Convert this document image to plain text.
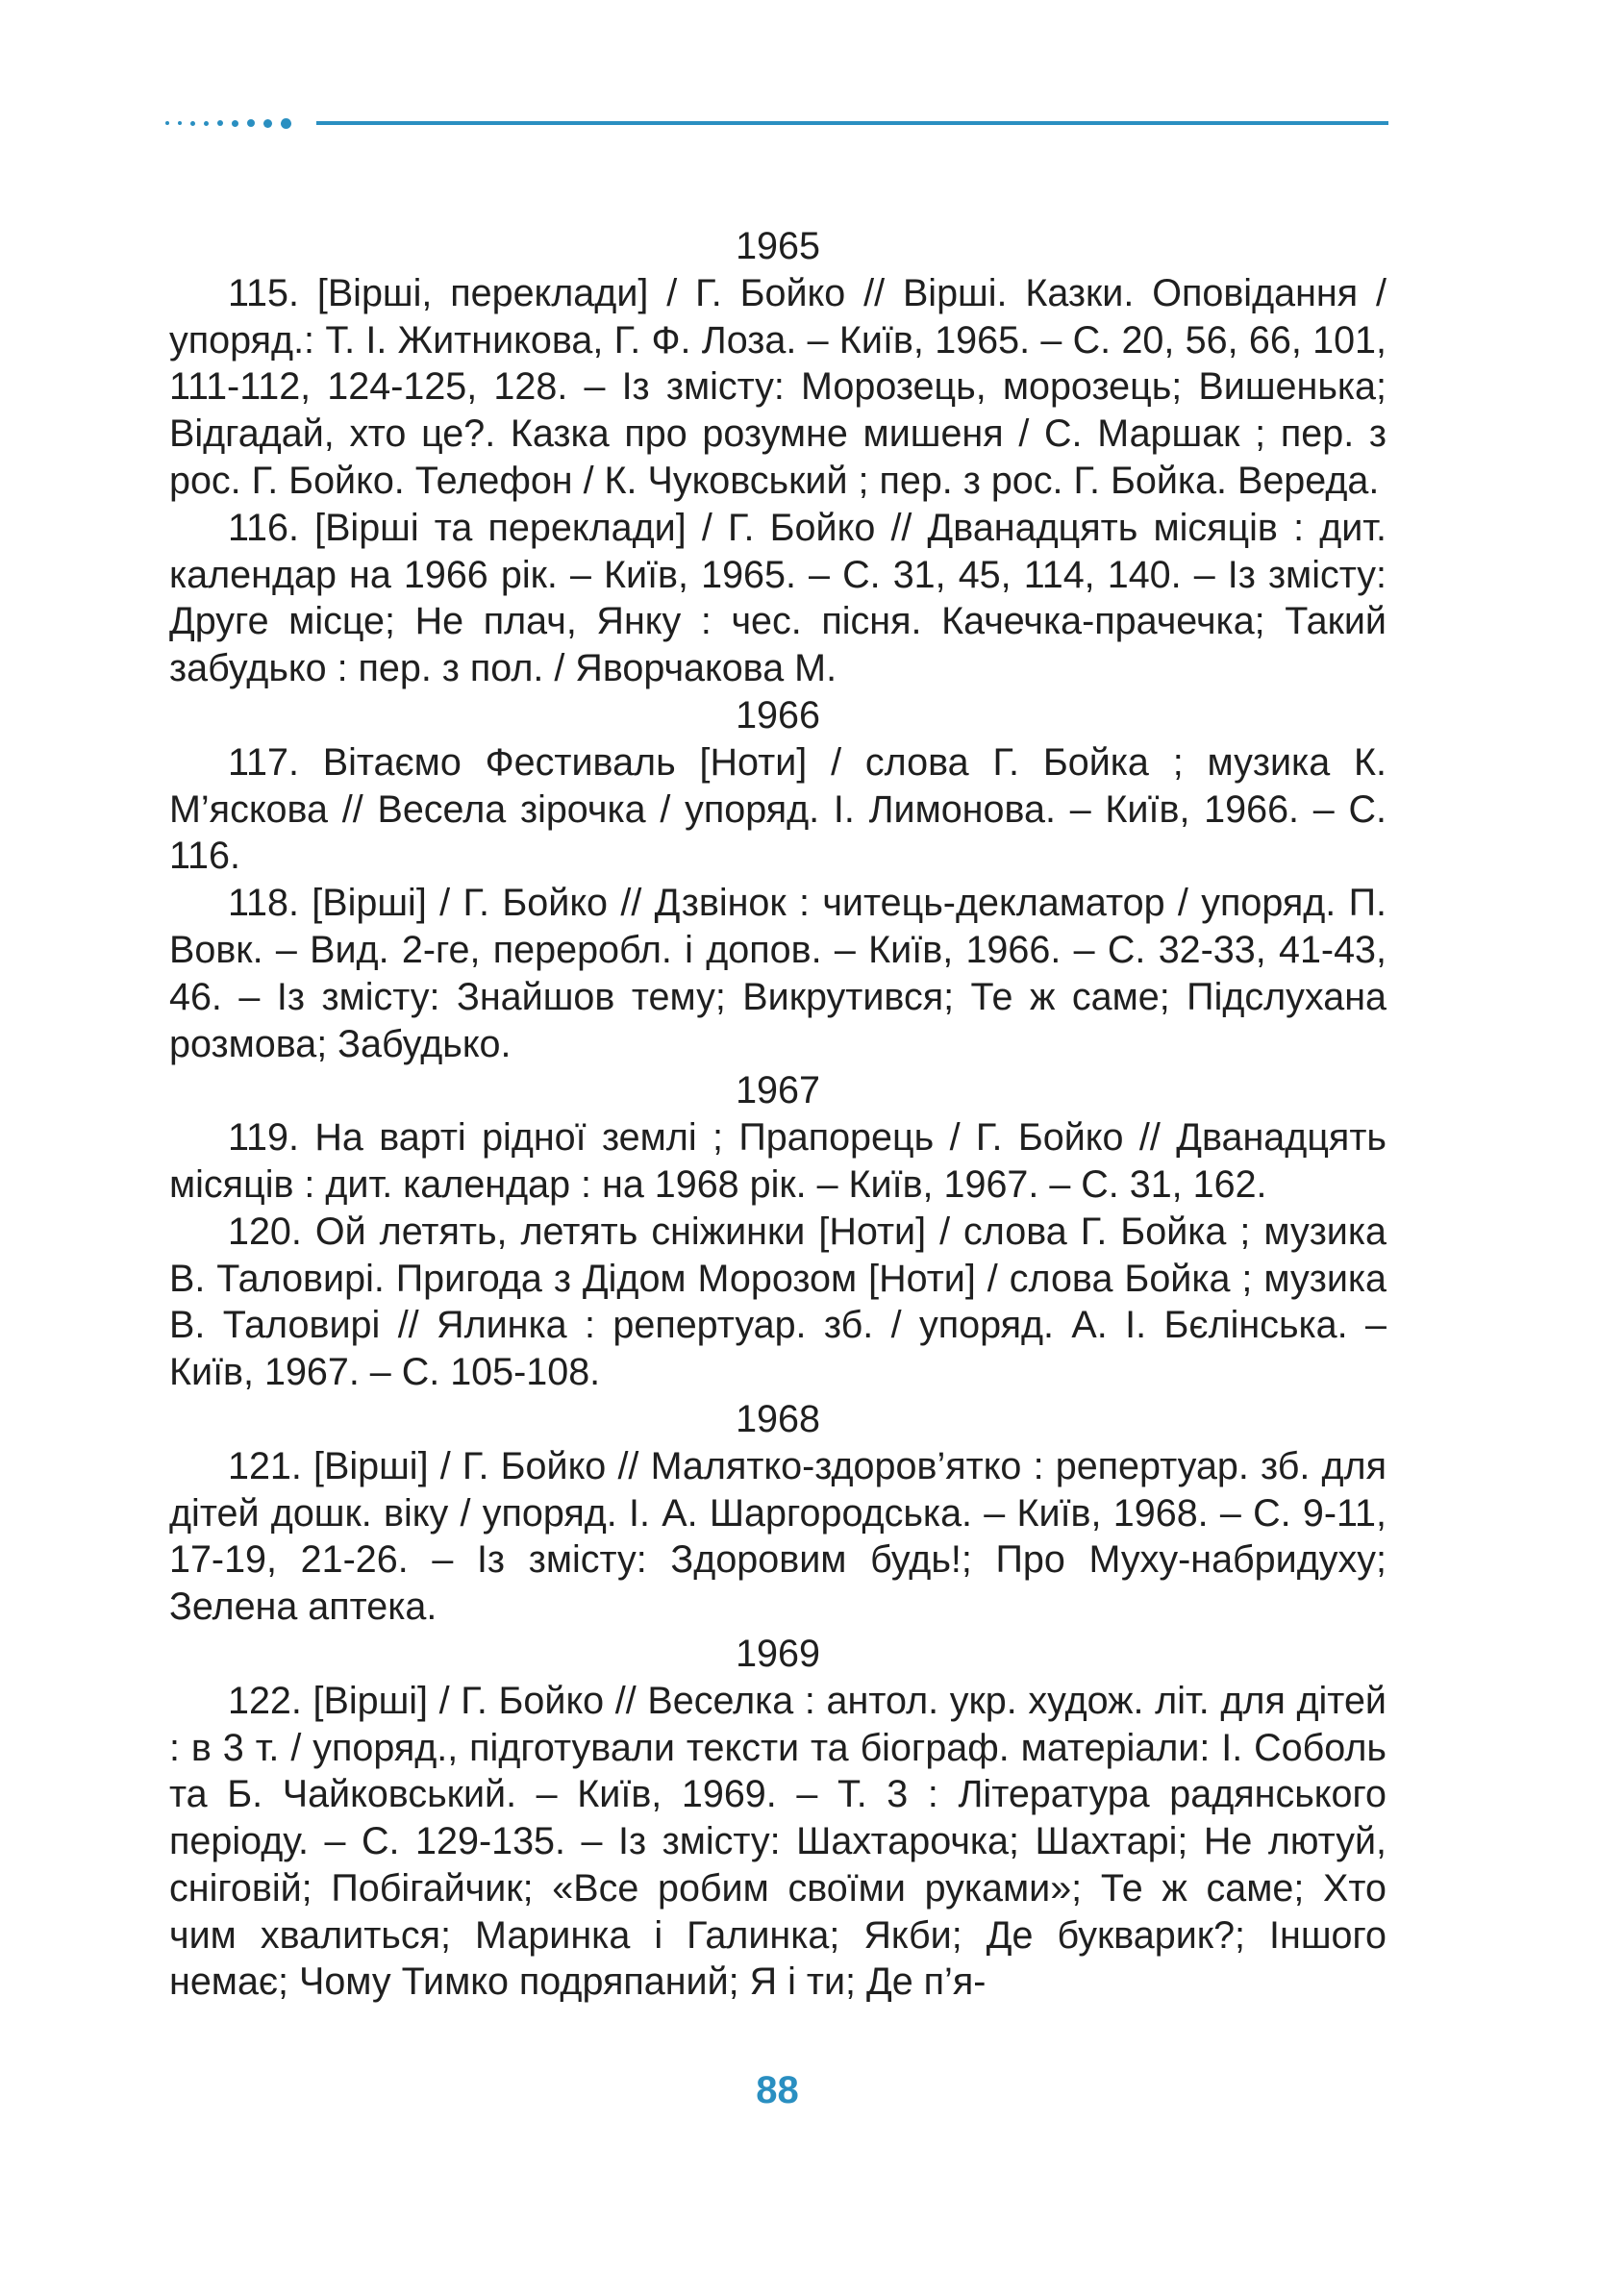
1965

115. [Вірші, переклади] / Г. Бойко // Вірші. Казки. Оповідання / упоряд.: Т. І. Житникова, Г. Ф. Лоза. – Київ, 1965. – С. 20, 56, 66, 101, 111-112, 124-125, 128. – Із змісту: Морозець, морозець; Вишенька; Відгадай, хто це?. Казка про розумне мишеня / С. Маршак ; пер. з рос. Г. Бойко. Телефон / К. Чуковський ; пер. з рос. Г. Бойка. Вереда.

116. [Вірші та переклади] / Г. Бойко // Дванадцять місяців : дит. календар на 1966 рік. – Київ, 1965. – С. 31, 45, 114, 140. – Із змісту: Друге місце; Не плач, Янку : чес. пісня. Качечка-прачечка; Такий забудько : пер. з пол. / Яворчакова М.

1966

117. Вітаємо Фестиваль [Ноти] / слова Г. Бойка ; музика К. М’яскова // Весела зірочка / упоряд. І. Лимонова. – Київ, 1966. – С. 116.

118. [Вірші] / Г. Бойко // Дзвінок : читець-декламатор / упоряд. П. Вовк. – Вид. 2-ге, переробл. і допов. – Київ, 1966. – С. 32-33, 41-43, 46. – Із змісту: Знайшов тему; Викрутився; Те ж саме; Підслухана розмова; Забудько.

1967

119. На варті рідної землі ; Прапорець / Г. Бойко // Дванадцять місяців : дит. календар : на 1968 рік. – Київ, 1967. – С. 31, 162.

120. Ой летять, летять сніжинки [Ноти] / слова Г. Бойка ; музика В. Таловирі. Пригода з Дідом Морозом [Ноти] / слова Бойка ; музика В. Таловирі // Ялинка : репертуар. зб. / упоряд. А. І. Бєлінська. – Київ, 1967. – С. 105-108.

1968

121. [Вірші] / Г. Бойко // Малятко-здоров’ятко : репертуар. зб. для дітей дошк. віку / упоряд. І. А. Шаргородська. – Київ, 1968. – С. 9-11, 17-19, 21-26. – Із змісту: Здоровим будь!; Про Муху-набридуху; Зелена аптека.

1969

122. [Вірші] / Г. Бойко // Веселка : антол. укр. худож. літ. для дітей : в 3 т. / упоряд., підготували тексти та біограф. матеріали: І. Соболь та Б. Чайковський. – Київ, 1969. – Т. 3 : Література радянського періоду. – С. 129-135. – Із змісту: Шахтарочка; Шахтарі; Не лютуй, сніговій; Побігайчик; «Все робим своїми руками»; Те ж саме; Хто чим хвалиться; Маринка і Галинка; Якби; Де букварик?; Іншого немає; Чому Тимко подряпаний; Я і ти; Де п’я-

88
